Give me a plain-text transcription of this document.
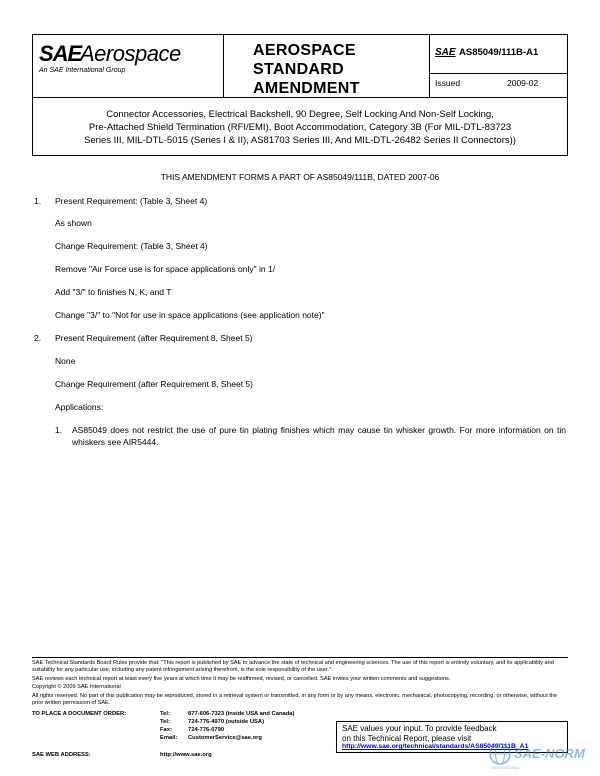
SAE
Aerospace
An SAE International Group
AEROSPACE
STANDARD
AMENDMENT
SAE AS85049/111B-A1
Issued	2009-02
Connector Accessories, Electrical Backshell, 90 Degree, Self Locking And Non-Self Locking,
Pre-Attached Shield Termination (RFI/EMI), Boot Accommodation, Category 3B (For MIL-DTL-83723
Series III, MIL-DTL-5015 (Series I & II), AS81703 Series III, And MIL-DTL-26482 Series II Connectors))
THIS AMENDMENT FORMS A PART OF AS85049/111B, DATED 2007-06
1. Present Requirement: (Table 3, Sheet 4)
As shown
Change Requirement: (Table 3, Sheet 4)
Remove "Air Force use is for space applications only" in 1/
Add "3/" to finishes N, K, and T
Change "3/" to "Not for use in space applications (see application note)"
2. Present Requirement (after Requirement 8, Sheet 5)
None
Change Requirement (after Requirement 8, Sheet 5)
Applications:
1. AS85049 does not restrict the use of pure tin plating finishes which may cause tin whisker growth. For more information on tin whiskers see AIR5444.
SAE Technical Standards Board Rules provide that: "This report is published by SAE to advance the state of technical and engineering sciences. The use of this report is entirely voluntary, and its applicability and suitability for any particular use, including any patent infringement arising therefrom, is the sole responsibility of the user."
SAE reviews each technical report at least every five years at which time it may be reaffirmed, revised, or cancelled. SAE invites your written comments and suggestions.
Copyright © 2009 SAE International
All rights reserved. No part of this publication may be reproduced, stored in a retrieval system or transmitted, in any form or by any means, electronic, mechanical, photocopying, recording, or otherwise, without the prior written permission of SAE.
TO PLACE A DOCUMENT ORDER:	Tel:	877-606-7323 (inside USA and Canada)
Tel:	724-776-4970 (outside USA)
Fax:	724-776-0790
Email: CustomerService@sae.org
SAE WEB ADDRESS:	http://www.sae.org
SAE values your input. To provide feedback
on this Technical Report, please visit
http://www.sae.org/technical/standards/AS85049/111B_A1
SAE-NORM
INTERNATIONAL
